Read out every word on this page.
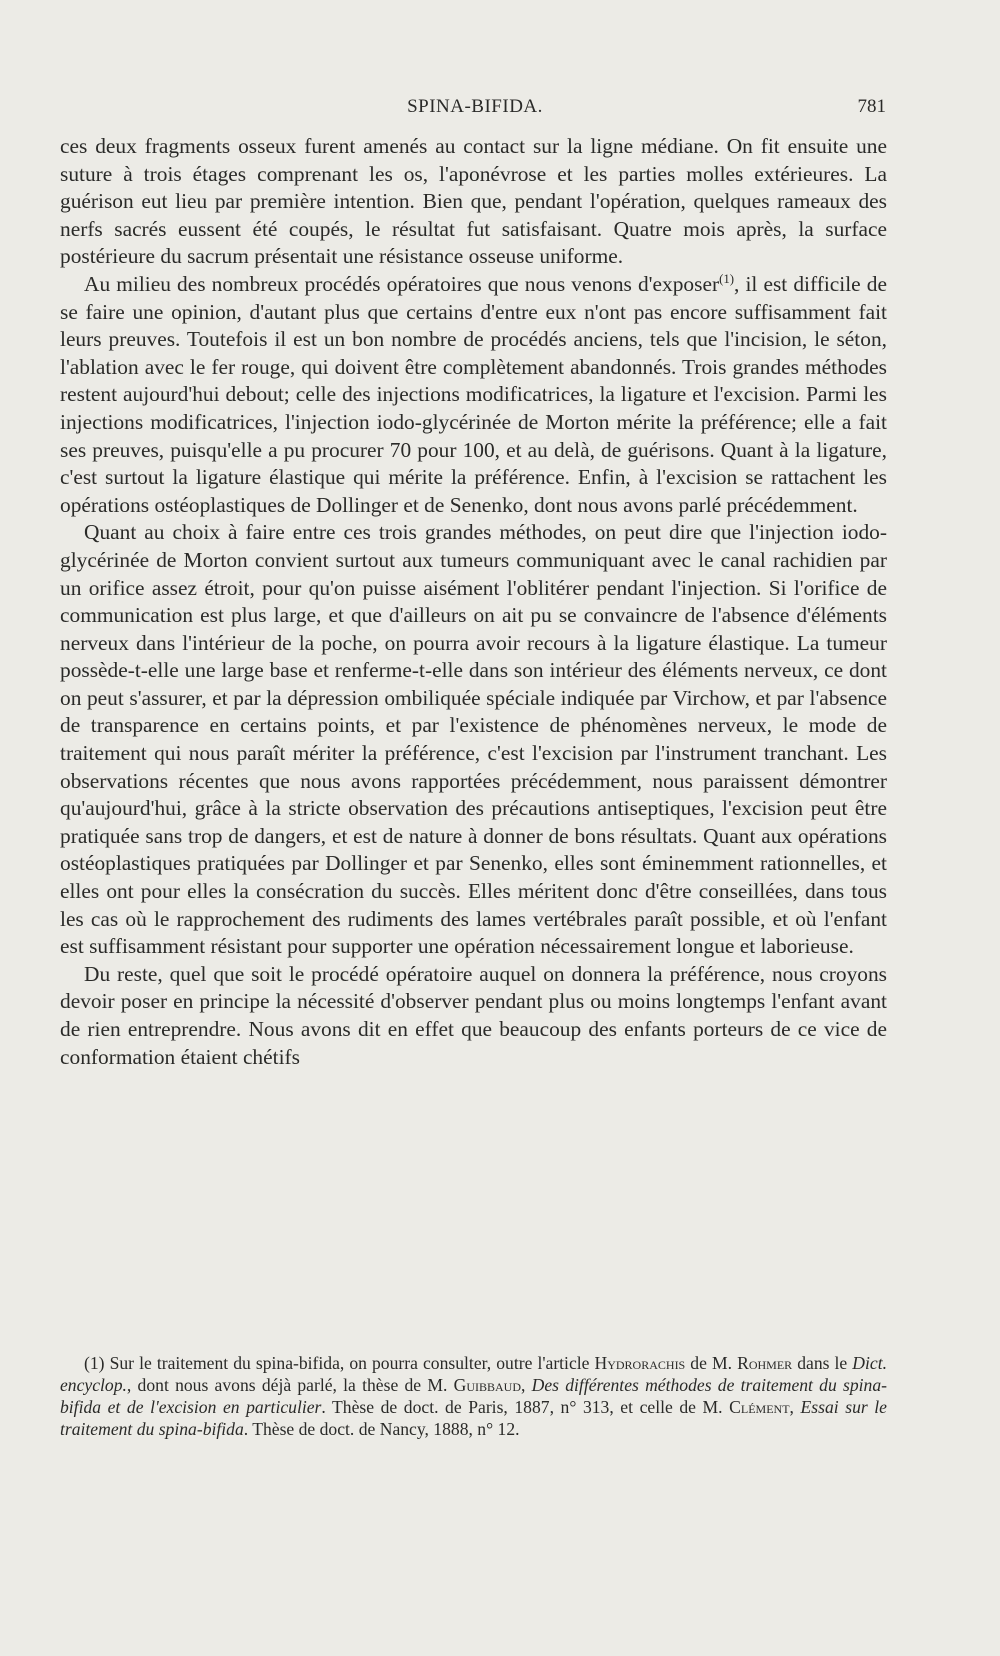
SPINA-BIFIDA.	781

ces deux fragments osseux furent amenés au contact sur la ligne médiane. On fit ensuite une suture à trois étages comprenant les os, l'aponévrose et les parties molles extérieures. La guérison eut lieu par première intention. Bien que, pendant l'opération, quelques rameaux des nerfs sacrés eussent été coupés, le résultat fut satisfaisant. Quatre mois après, la surface postérieure du sacrum présentait une résistance osseuse uniforme.

Au milieu des nombreux procédés opératoires que nous venons d'exposer$^{(1)}$, il est difficile de se faire une opinion, d'autant plus que certains d'entre eux n'ont pas encore suffisamment fait leurs preuves. Toutefois il est un bon nombre de procédés anciens, tels que l'incision, le séton, l'ablation avec le fer rouge, qui doivent être complètement abandonnés. Trois grandes méthodes restent aujourd'hui debout; celle des injections modificatrices, la ligature et l'excision. Parmi les injections modificatrices, l'injection iodo-glycérinée de Morton mérite la préférence; elle a fait ses preuves, puisqu'elle a pu procurer 70 pour 100, et au delà, de guérisons. Quant à la ligature, c'est surtout la ligature élastique qui mérite la préférence. Enfin, à l'excision se rattachent les opérations ostéoplastiques de Dollinger et de Senenko, dont nous avons parlé précédemment.

Quant au choix à faire entre ces trois grandes méthodes, on peut dire que l'injection iodo-glycérinée de Morton convient surtout aux tumeurs communiquant avec le canal rachidien par un orifice assez étroit, pour qu'on puisse aisément l'oblitérer pendant l'injection. Si l'orifice de communication est plus large, et que d'ailleurs on ait pu se convaincre de l'absence d'éléments nerveux dans l'intérieur de la poche, on pourra avoir recours à la ligature élastique. La tumeur possède-t-elle une large base et renferme-t-elle dans son intérieur des éléments nerveux, ce dont on peut s'assurer, et par la dépression ombiliquée spéciale indiquée par Virchow, et par l'absence de transparence en certains points, et par l'existence de phénomènes nerveux, le mode de traitement qui nous paraît mériter la préférence, c'est l'excision par l'instrument tranchant. Les observations récentes que nous avons rapportées précédemment, nous paraissent démontrer qu'aujourd'hui, grâce à la stricte observation des précautions antiseptiques, l'excision peut être pratiquée sans trop de dangers, et est de nature à donner de bons résultats. Quant aux opérations ostéoplastiques pratiquées par Dollinger et par Senenko, elles sont éminemment rationnelles, et elles ont pour elles la consécration du succès. Elles méritent donc d'être conseillées, dans tous les cas où le rapprochement des rudiments des lames vertébrales paraît possible, et où l'enfant est suffisamment résistant pour supporter une opération nécessairement longue et laborieuse.

Du reste, quel que soit le procédé opératoire auquel on donnera la préférence, nous croyons devoir poser en principe la nécessité d'observer pendant plus ou moins longtemps l'enfant avant de rien entreprendre. Nous avons dit en effet que beaucoup des enfants porteurs de ce vice de conformation étaient chétifs

(1) Sur le traitement du spina-bifida, on pourra consulter, outre l'article Hydrorachis de M. Rohmer dans le Dict. encyclop., dont nous avons déjà parlé, la thèse de M. Guibbaud, Des différentes méthodes de traitement du spina-bifida et de l'excision en particulier. Thèse de doct. de Paris, 1887, n° 313, et celle de M. Clément, Essai sur le traitement du spina-bifida. Thèse de doct. de Nancy, 1888, n° 12.
